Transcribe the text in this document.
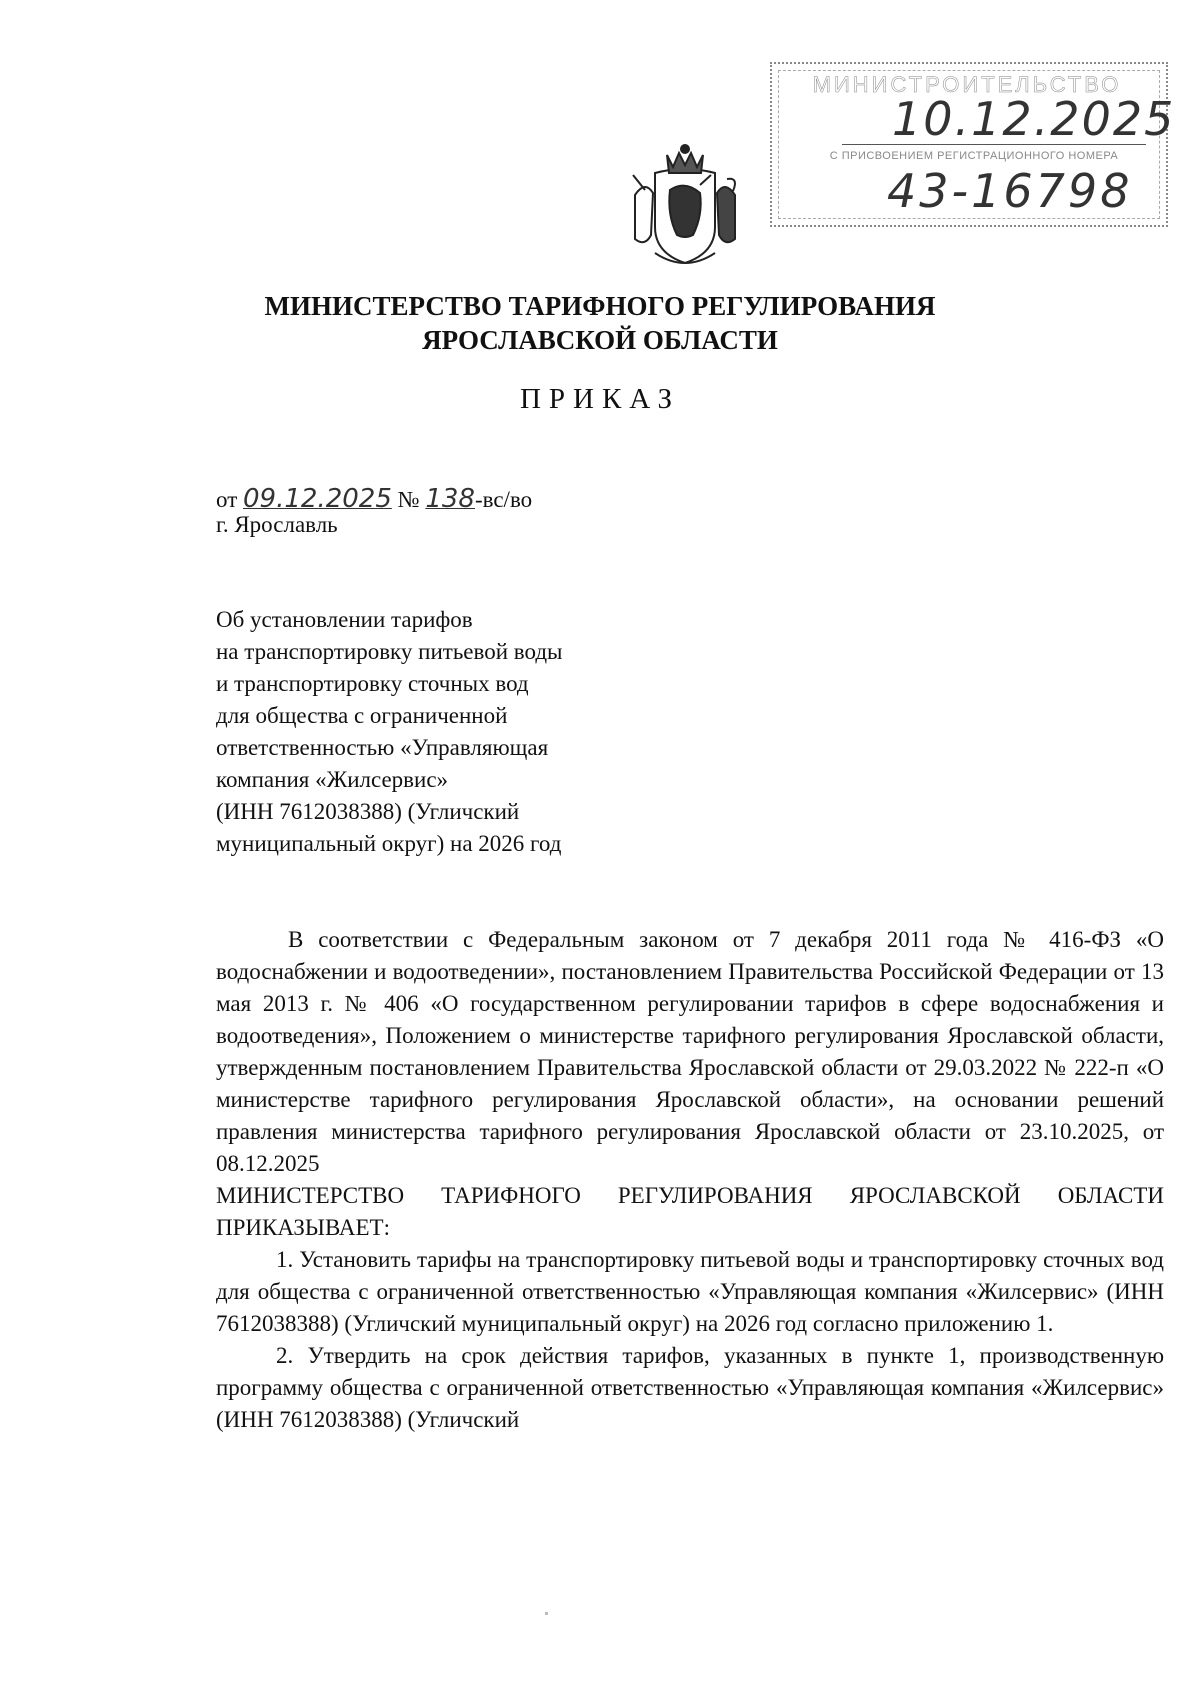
МИНИСТРОИТЕЛЬСТВО
10.12.2025
С ПРИСВОЕНИЕМ РЕГИСТРАЦИОННОГО НОМЕРА
43-16798
МИНИСТЕРСТВО ТАРИФНОГО РЕГУЛИРОВАНИЯ
ЯРОСЛАВСКОЙ ОБЛАСТИ
ПРИКАЗ
от 09.12.2025 № 138-вс/во
г. Ярославль
Об установлении тарифов
на транспортировку питьевой воды
и транспортировку сточных вод
для общества с ограниченной
ответственностью «Управляющая
компания «Жилсервис»
(ИНН 7612038388) (Угличский
муниципальный округ) на 2026 год

В соответствии с Федеральным законом от 7 декабря 2011 года № 416-ФЗ «О водоснабжении и водоотведении», постановлением Правительства Российской Федерации от 13 мая 2013 г. № 406 «О государственном регулировании тарифов в сфере водоснабжения и водоотведения», Положением о министерстве тарифного регулирования Ярославской области, утвержденным постановлением Правительства Ярославской области от 29.03.2022 № 222-п «О министерстве тарифного регулирования Ярославской области», на основании решений правления министерства тарифного регулирования Ярославской области от 23.10.2025, от 08.12.2025

МИНИСТЕРСТВО ТАРИФНОГО РЕГУЛИРОВАНИЯ ЯРОСЛАВСКОЙ ОБЛАСТИ ПРИКАЗЫВАЕТ:

1. Установить тарифы на транспортировку питьевой воды и транспортировку сточных вод для общества с ограниченной ответственностью «Управляющая компания «Жилсервис» (ИНН 7612038388) (Угличский муниципальный округ) на 2026 год согласно приложению 1.

2. Утвердить на срок действия тарифов, указанных в пункте 1, производственную программу общества с ограниченной ответственностью «Управляющая компания «Жилсервис» (ИНН 7612038388) (Угличский
